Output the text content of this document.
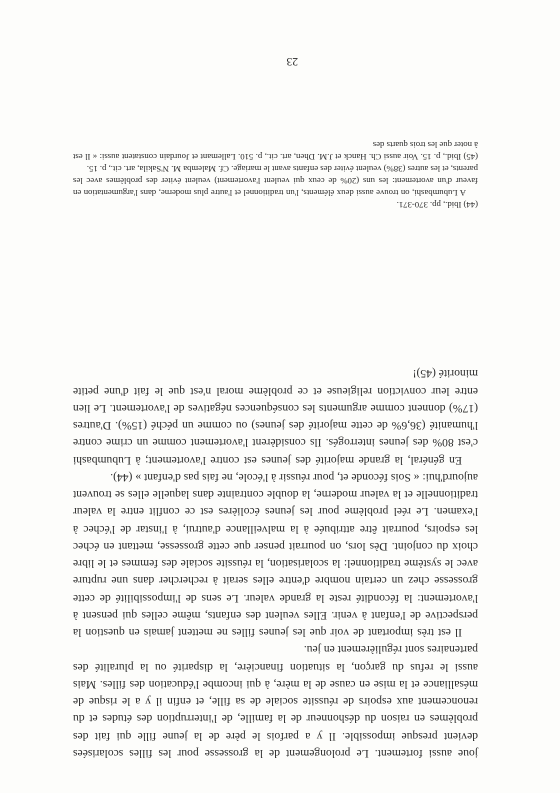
joue aussi fortement. Le prolongement de la grossesse pour les filles scolarisées devient presque impossible. Il y a parfois le père de la jeune fille qui fait des problèmes en raison du déshonneur de la famille, de l'interruption des études et du renoncement aux espoirs de réussite sociale de sa fille, et enfin il y a le risque de mésalliance et la mise en cause de la mère, à qui incombe l'éducation des filles. Mais aussi le refus du garçon, la situation financière, la disparité ou la pluralité des partenaires sont régulièrement en jeu.

Il est très important de voir que les jeunes filles ne mettent jamais en question la perspective de l'enfant à venir. Elles veulent des enfants, même celles qui pensent à l'avortement: la fécondité reste la grande valeur. Le sens de l'impossibilité de cette grossesse chez un certain nombre d'entre elles serait à rechercher dans une rupture avec le système traditionnel: la scolarisation, la réussite sociale des femmes et le libre choix du conjoint. Dès lors, on pourrait penser que cette grossesse, mettant en échec les espoirs, pourrait être attribuée à la malveillance d'autrui, à l'instar de l'échec à l'examen. Le réel problème pour les jeunes écolières est ce conflit entre la valeur traditionnelle et la valeur moderne, la double contrainte dans laquelle elles se trouvent aujourd'hui: « Sois féconde et, pour réussir à l'école, ne fais pas d'enfant » (44).

En général, la grande majorité des jeunes est contre l'avortement; à Lubumbashi c'est 80% des jeunes interrogés. Ils considèrent l'avortement comme un crime contre l'humanité (36,6% de cette majorité des jeunes) ou comme un péché (15%). D'autres (17%) donnent comme arguments les conséquences négatives de l'avortement. Le lien entre leur conviction religieuse et ce problème moral n'est que le fait d'une petite minorité (45)!

(44) Ibid., pp. 370-371.

A Lubumbashi, on trouve aussi deux éléments, l'un traditionnel et l'autre plus moderne, dans l'argumentation en faveur d'un avortement: les uns (20% de ceux qui veulent l'avortement) veulent éviter des problèmes avec les parents, et les autres (38%) veulent éviter des enfants avant le mariage. Cf. Malemba M. N'Sakila, art. cit., p. 15.

(45) Ibid., p. 15. Voir aussi Ch. Hanck et J.M. Dhen, art. cit., p. 510. Lallemant et Jourdain constatent aussi: « Il est à noter que les trois quarts des

23
